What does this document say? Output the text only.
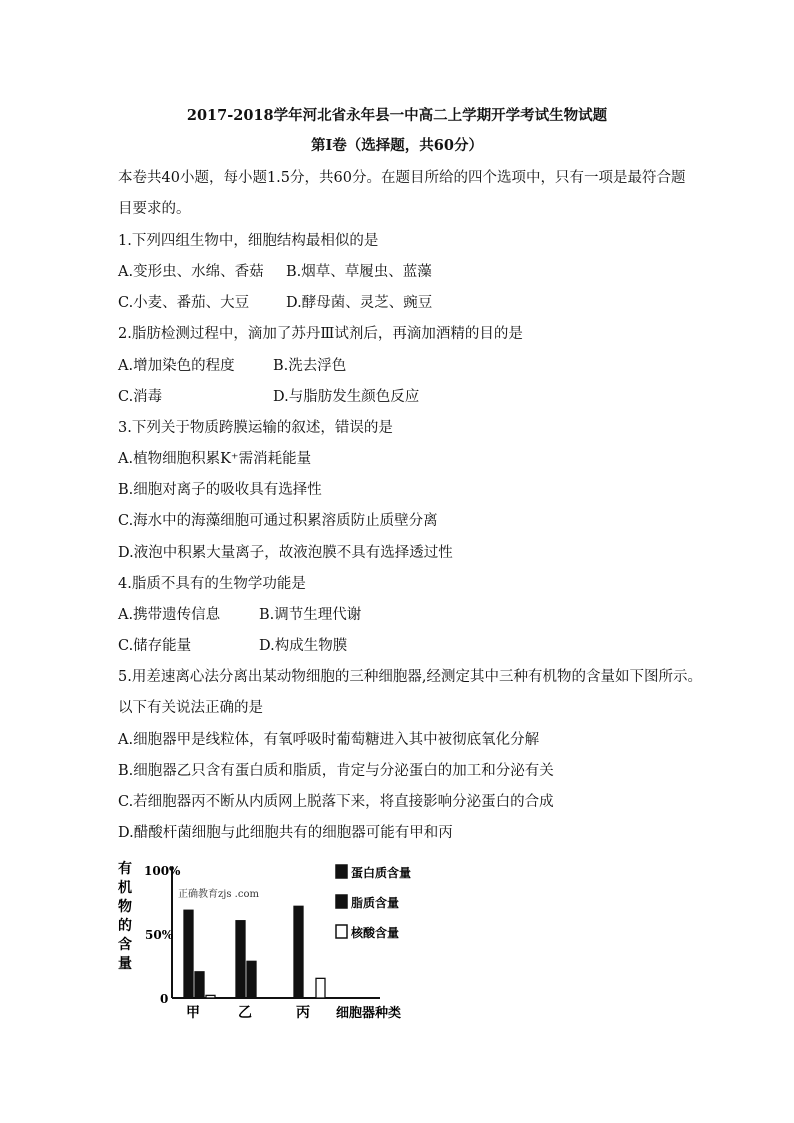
2017-2018学年河北省永年县一中高二上学期开学考试生物试题
第Ⅰ卷（选择题，共60分）
本卷共40小题，每小题1.5分，共60分。在题目所给的四个选项中，只有一项是最符合题
目要求的。
1.下列四组生物中，细胞结构最相似的是
A.变形虫、水绵、香菇 B.烟草、草履虫、蓝藻
C.小麦、番茄、大豆	D.酵母菌、灵芝、豌豆
2.脂肪检测过程中，滴加了苏丹Ⅲ试剂后，再滴加酒精的目的是
A.增加染色的程度	B.洗去浮色
C.消毒	D.与脂肪发生颜色反应
3.下列关于物质跨膜运输的叙述，错误的是
A.植物细胞积累K⁺需消耗能量
B.细胞对离子的吸收具有选择性
C.海水中的海藻细胞可通过积累溶质防止质壁分离
D.液泡中积累大量离子，故液泡膜不具有选择透过性
4.脂质不具有的生物学功能是
A.携带遗传信息	B.调节生理代谢
C.储存能量	D.构成生物膜
5.用差速离心法分离出某动物细胞的三种细胞器,经测定其中三种有机物的含量如下图所示。
以下有关说法正确的是
A.细胞器甲是线粒体，有氧呼吸时葡萄糖进入其中被彻底氧化分解
B.细胞器乙只含有蛋白质和脂质，肯定与分泌蛋白的加工和分泌有关
C.若细胞器丙不断从内质网上脱落下来，将直接影响分泌蛋白的合成
D.醋酸杆菌细胞与此细胞共有的细胞器可能有甲和丙
有
机
物
的
含
量
100%
50%
0
正确教育zjs .com
甲	乙	丙 细胞器种类
蛋白质含量
脂质含量
核酸含量
